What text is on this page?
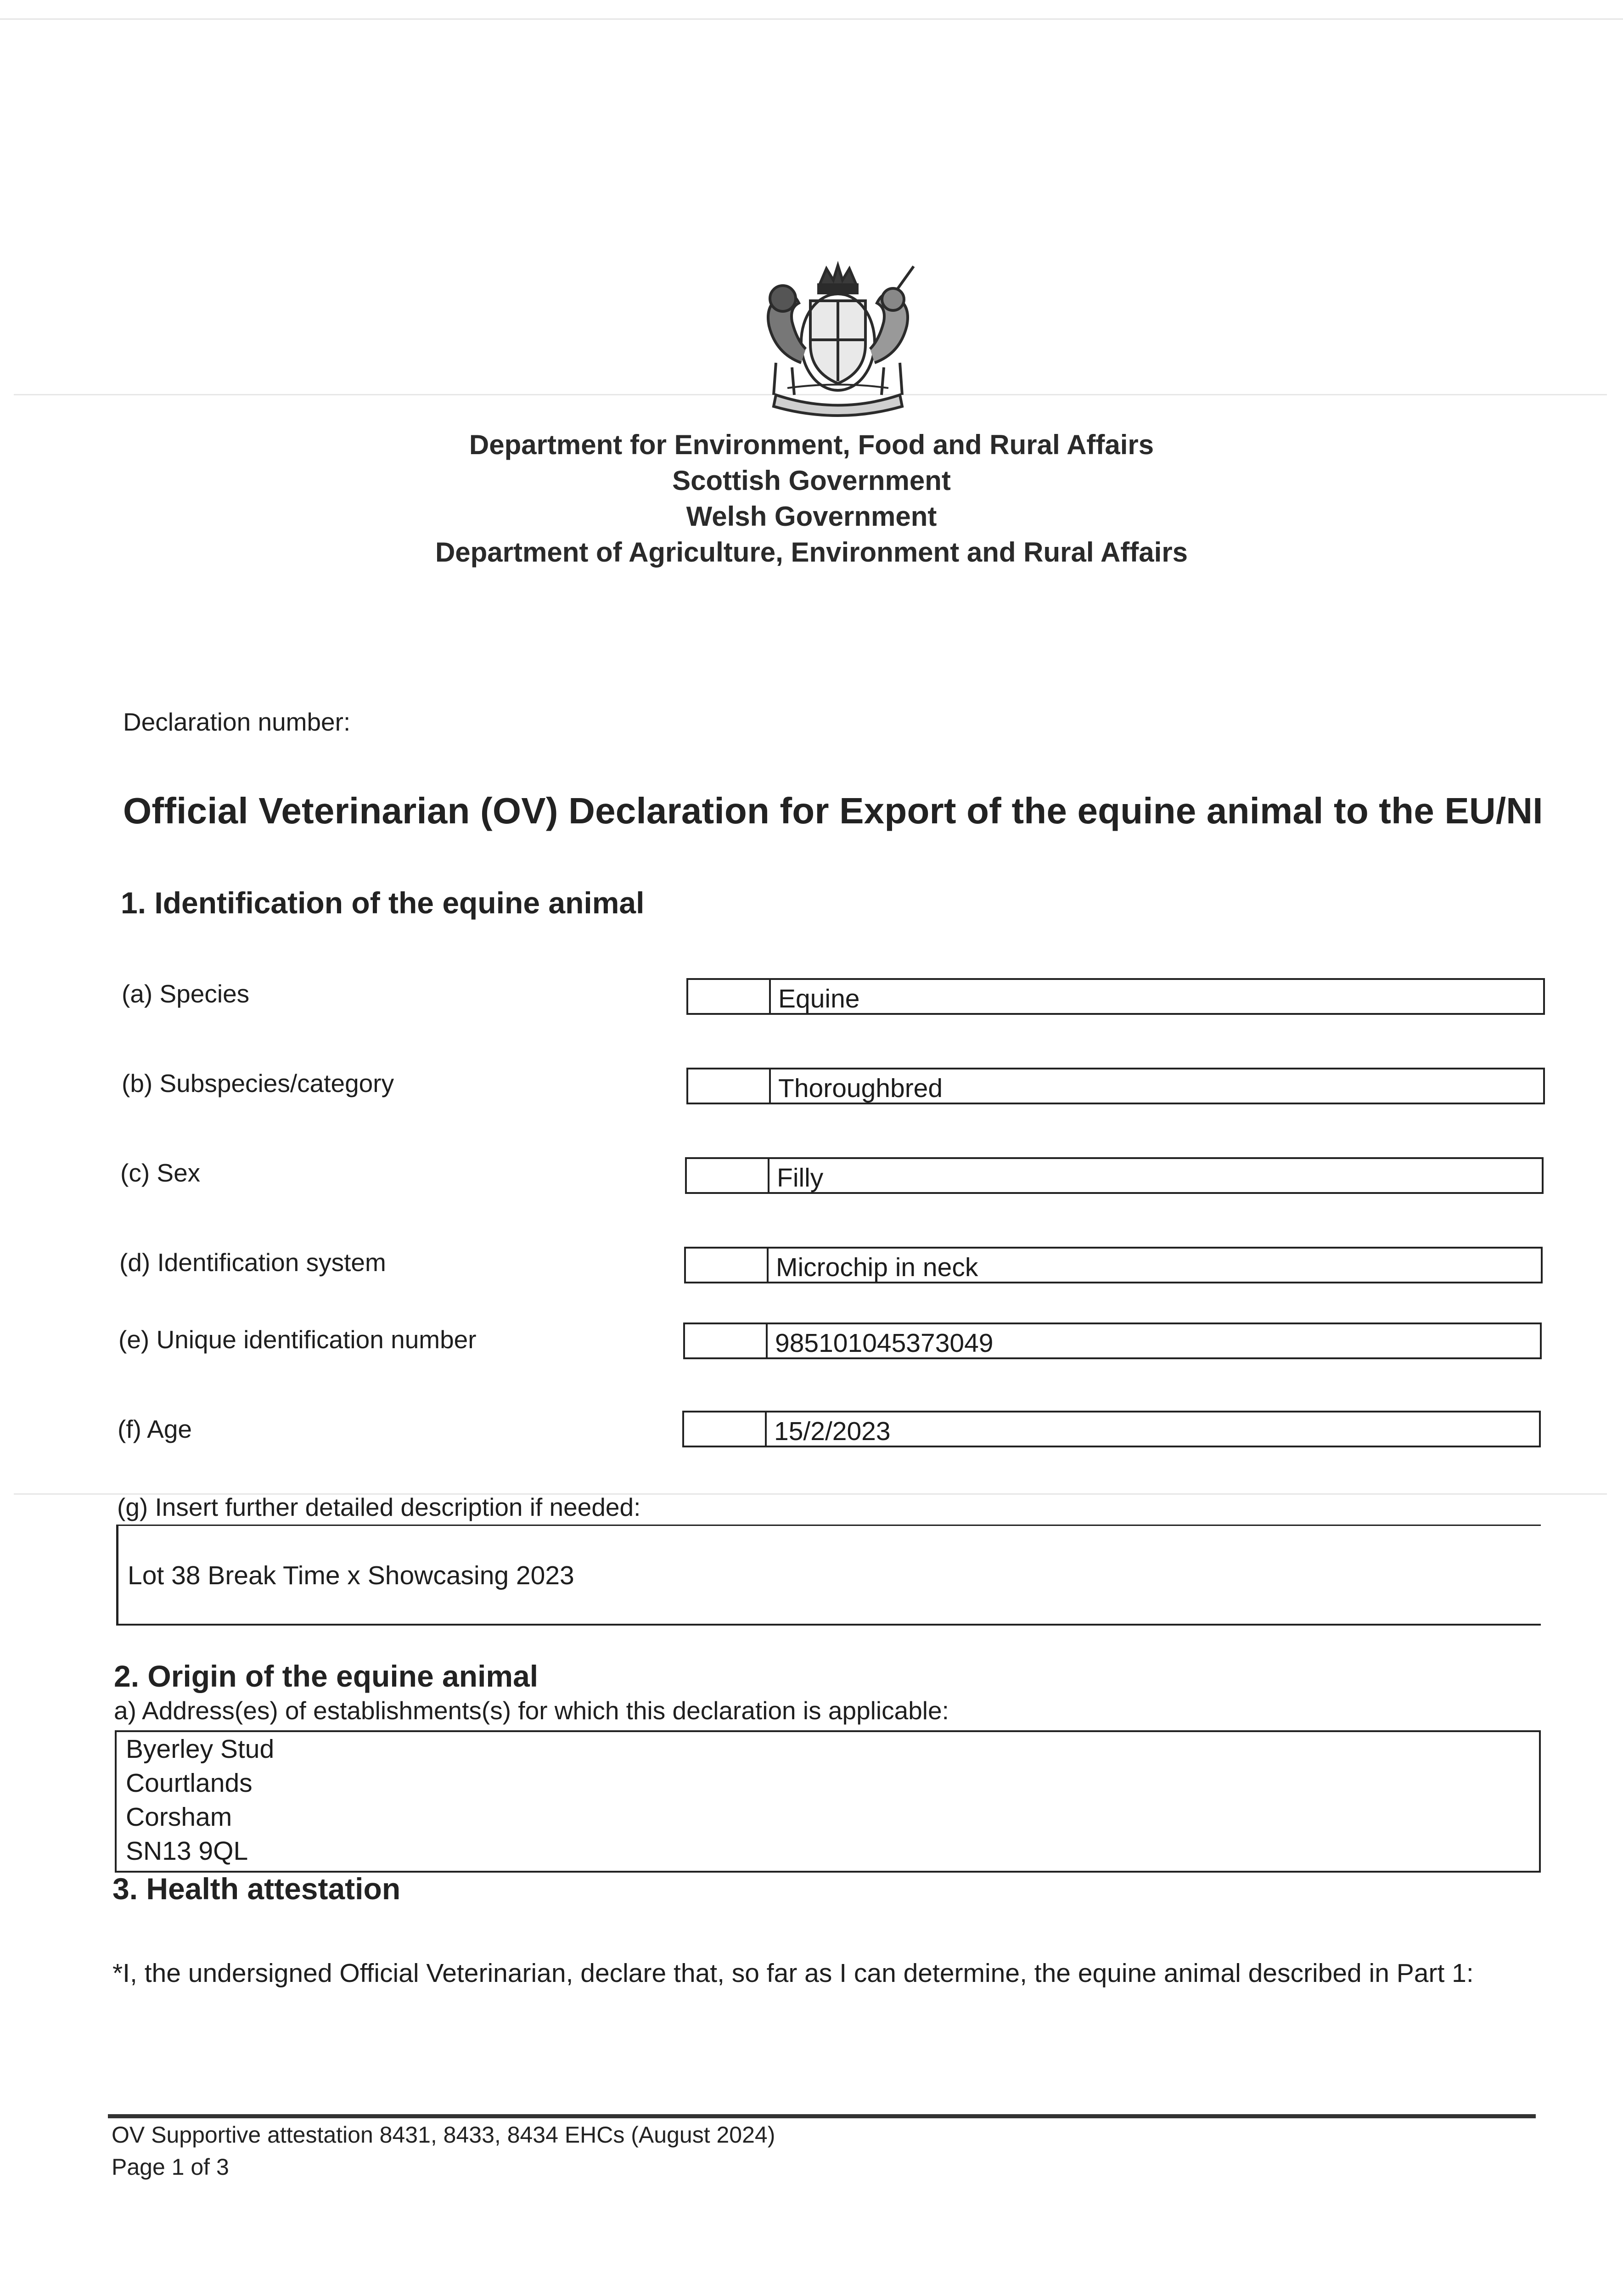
Department for Environment, Food and Rural Affairs
Scottish Government
Welsh Government
Department of Agriculture, Environment and Rural Affairs
Declaration number:
Official Veterinarian (OV) Declaration for Export of the equine animal to the EU/NI
1. Identification of the equine animal
(a) Species	Equine
(b) Subspecies/category	Thoroughbred
(c) Sex	Filly
(d) Identification system	Microchip in neck
(e) Unique identification number	985101045373049
(f) Age	15/2/2023
(g) Insert further detailed description if needed:
Lot 38 Break Time x Showcasing 2023
2. Origin of the equine animal
a) Address(es) of establishments(s) for which this declaration is applicable:
Byerley Stud
Courtlands
Corsham
SN13 9QL
3. Health attestation
*I, the undersigned Official Veterinarian, declare that, so far as I can determine, the equine animal described in Part 1:
OV Supportive attestation 8431, 8433, 8434 EHCs (August 2024)
Page 1 of 3
